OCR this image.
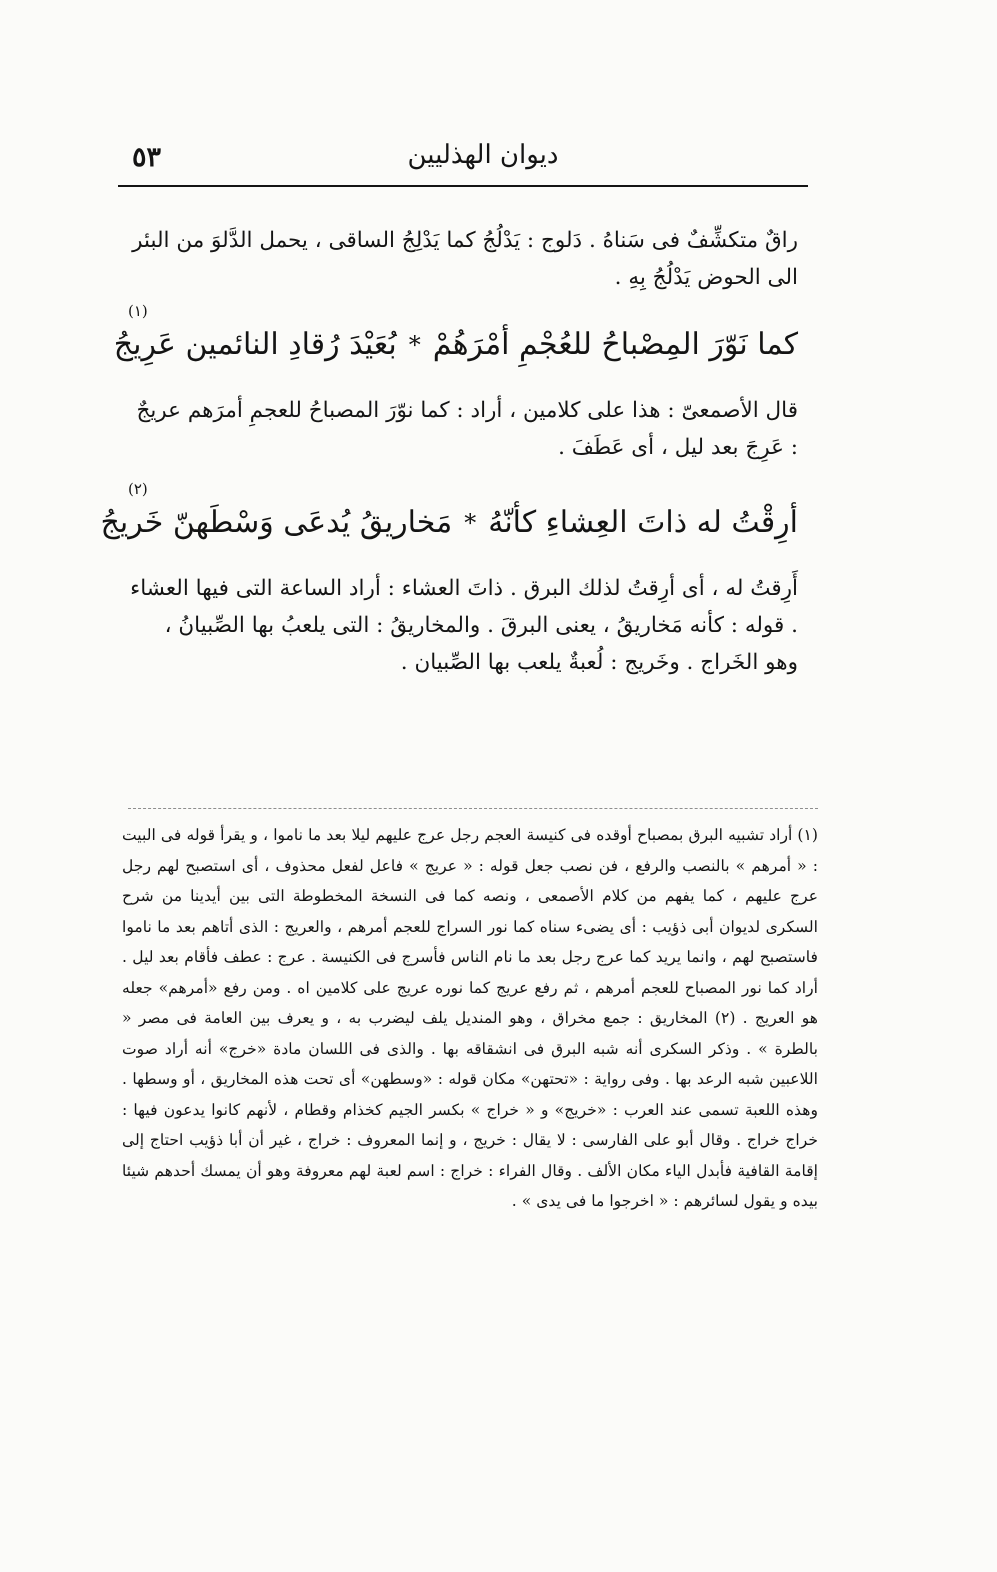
٥٣	ديوان الهذليين

راقٌ متكشِّفٌ فى سَناهُ . دَلوج : يَدْلُجُ كما يَدْلِجُ الساقى ، يحمل الدَّلوَ من البئر الى الحوض يَدْلُجُ بِهِ .

(١)
كما نَوّرَ المِصْباحُ للعُجْمِ أمْرَهُمْ
*
بُعَيْدَ رُقادِ النائمين عَرِيجُ

قال الأصمعىّ : هذا على كلامين ، أراد : كما نوّرَ المصباحُ للعجمِ أمرَهم عريجٌ : عَرِجَ بعد ليل ، أى عَطَفَ .

(٢)
أرِقْتُ له ذاتَ العِشاءِ كأنّهُ
*
مَخاريقُ يُدعَى وَسْطَهنّ خَريجُ

أَرِقتُ له ، أى أرِقتُ لذلك البرق . ذاتَ العشاء : أراد الساعة التى فيها العشاء . قوله : كأنه مَخاريقُ ، يعنى البرقَ . والمخاريقُ : التى يلعبُ بها الصِّبيانُ ، وهو الخَراج . وخَريج : لُعبةٌ يلعب بها الصِّبيان .

(١) أراد تشبيه البرق بمصباح أوقده فى كنيسة العجم رجل عرج عليهم ليلا بعد ما ناموا ، و يقرأ قوله فى البيت : « أمرهم » بالنصب والرفع ، فن نصب جعل قوله : « عريج » فاعل لفعل محذوف ، أى استصبح لهم رجل عرج عليهم ، كما يفهم من كلام الأصمعى ، ونصه كما فى النسخة المخطوطة التى بين أيدينا من شرح السكرى لديوان أبى ذؤيب : أى يضىء سناه كما نور السراج للعجم أمرهم ، والعريج : الذى أتاهم بعد ما ناموا فاستصبح لهم ، وانما يريد كما عرج رجل بعد ما نام الناس فأسرج فى الكنيسة . عرج : عطف فأقام بعد ليل . أراد كما نور المصباح للعجم أمرهم ، ثم رفع عريج كما نوره عريج على كلامين اه . ومن رفع «أمرهم» جعله هو العريج . (٢) المخاريق : جمع مخراق ، وهو المنديل يلف ليضرب به ، و يعرف بين العامة فى مصر « بالطرة » . وذكر السكرى أنه شبه البرق فى انشقاقه بها . والذى فى اللسان مادة «خرج» أنه أراد صوت اللاعبين شبه الرعد بها . وفى رواية : «تحتهن» مكان قوله : «وسطهن» أى تحت هذه المخاريق ، أو وسطها . وهذه اللعبة تسمى عند العرب : «خريج» و « خراج » بكسر الجيم كخذام وقطام ، لأنهم كانوا يدعون فيها : خراج خراج . وقال أبو على الفارسى : لا يقال : خريج ، و إنما المعروف : خراج ، غير أن أبا ذؤيب احتاج إلى إقامة القافية فأبدل الياء مكان الألف . وقال الفراء : خراج : اسم لعبة لهم معروفة وهو أن يمسك أحدهم شيئا بيده و يقول لسائرهم : « اخرجوا ما فى يدى » .
